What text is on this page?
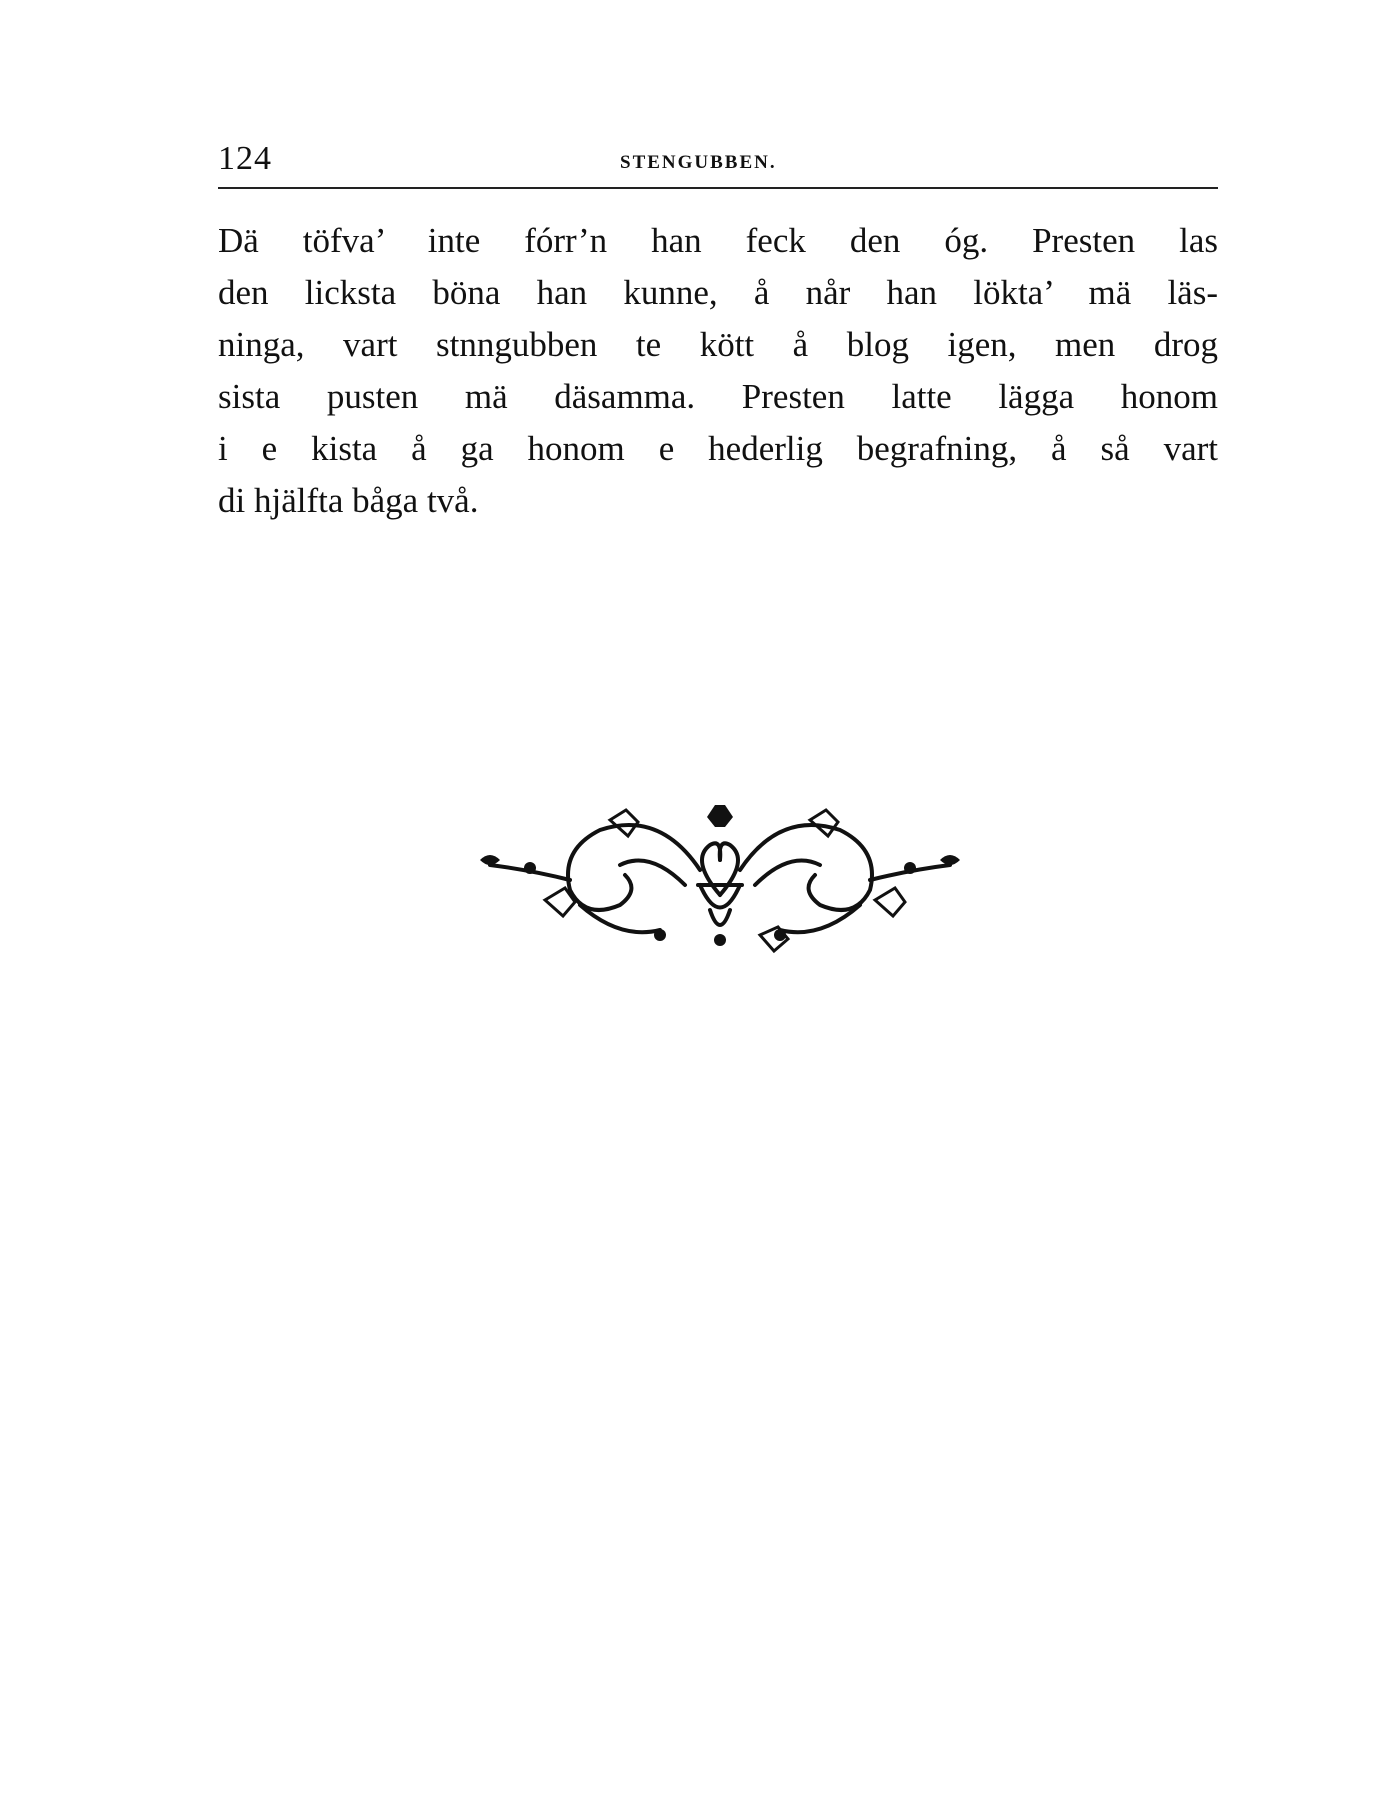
124	STENGUBBEN.
Dä töfva’ inte fórr’n han feck den óg. Presten las
den licksta böna han kunne, å når han lökta’ mä läs-
ninga, vart stnngubben te kött å blog igen, men drog
sista pusten mä däsamma. Presten latte lägga honom
i e kista å ga honom e hederlig begrafning, å så vart
di hjälfta båga två.
